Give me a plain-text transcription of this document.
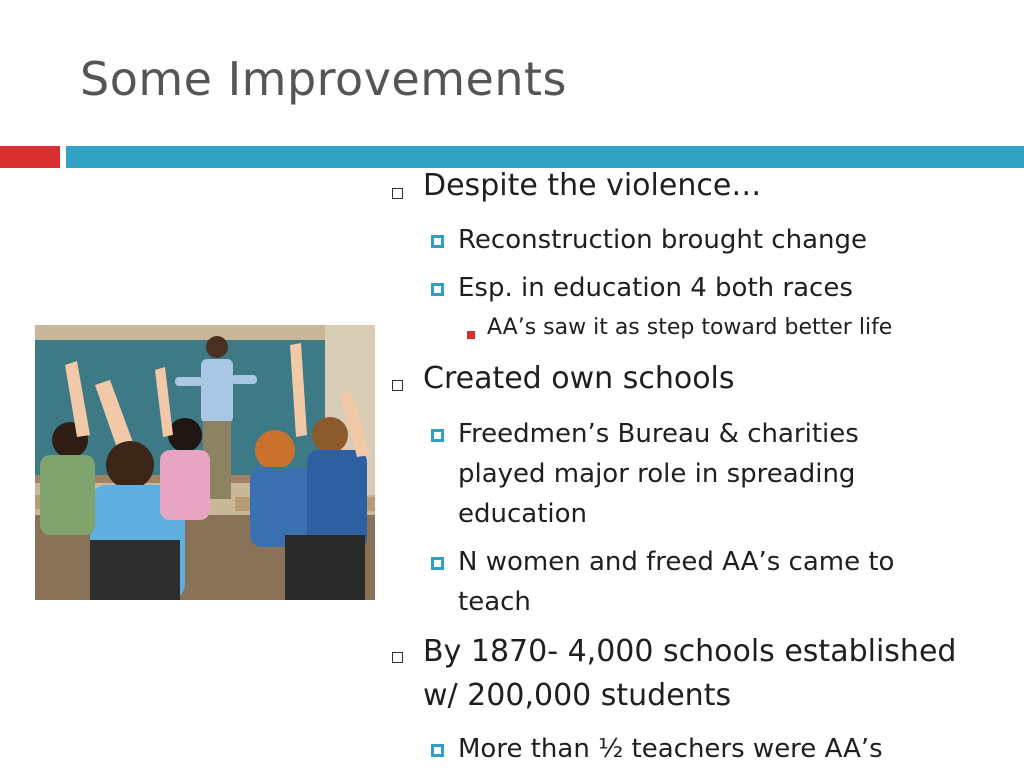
Some Improvements
Despite the violence…
Reconstruction brought change
Esp. in education 4 both races
AA’s saw it as step toward better life
Created own schools
Freedmen’s Bureau & charities
played major role in spreading
education
N women and freed AA’s came to
teach
By 1870- 4,000 schools established
w/ 200,000 students
More than ½ teachers were AA’s
